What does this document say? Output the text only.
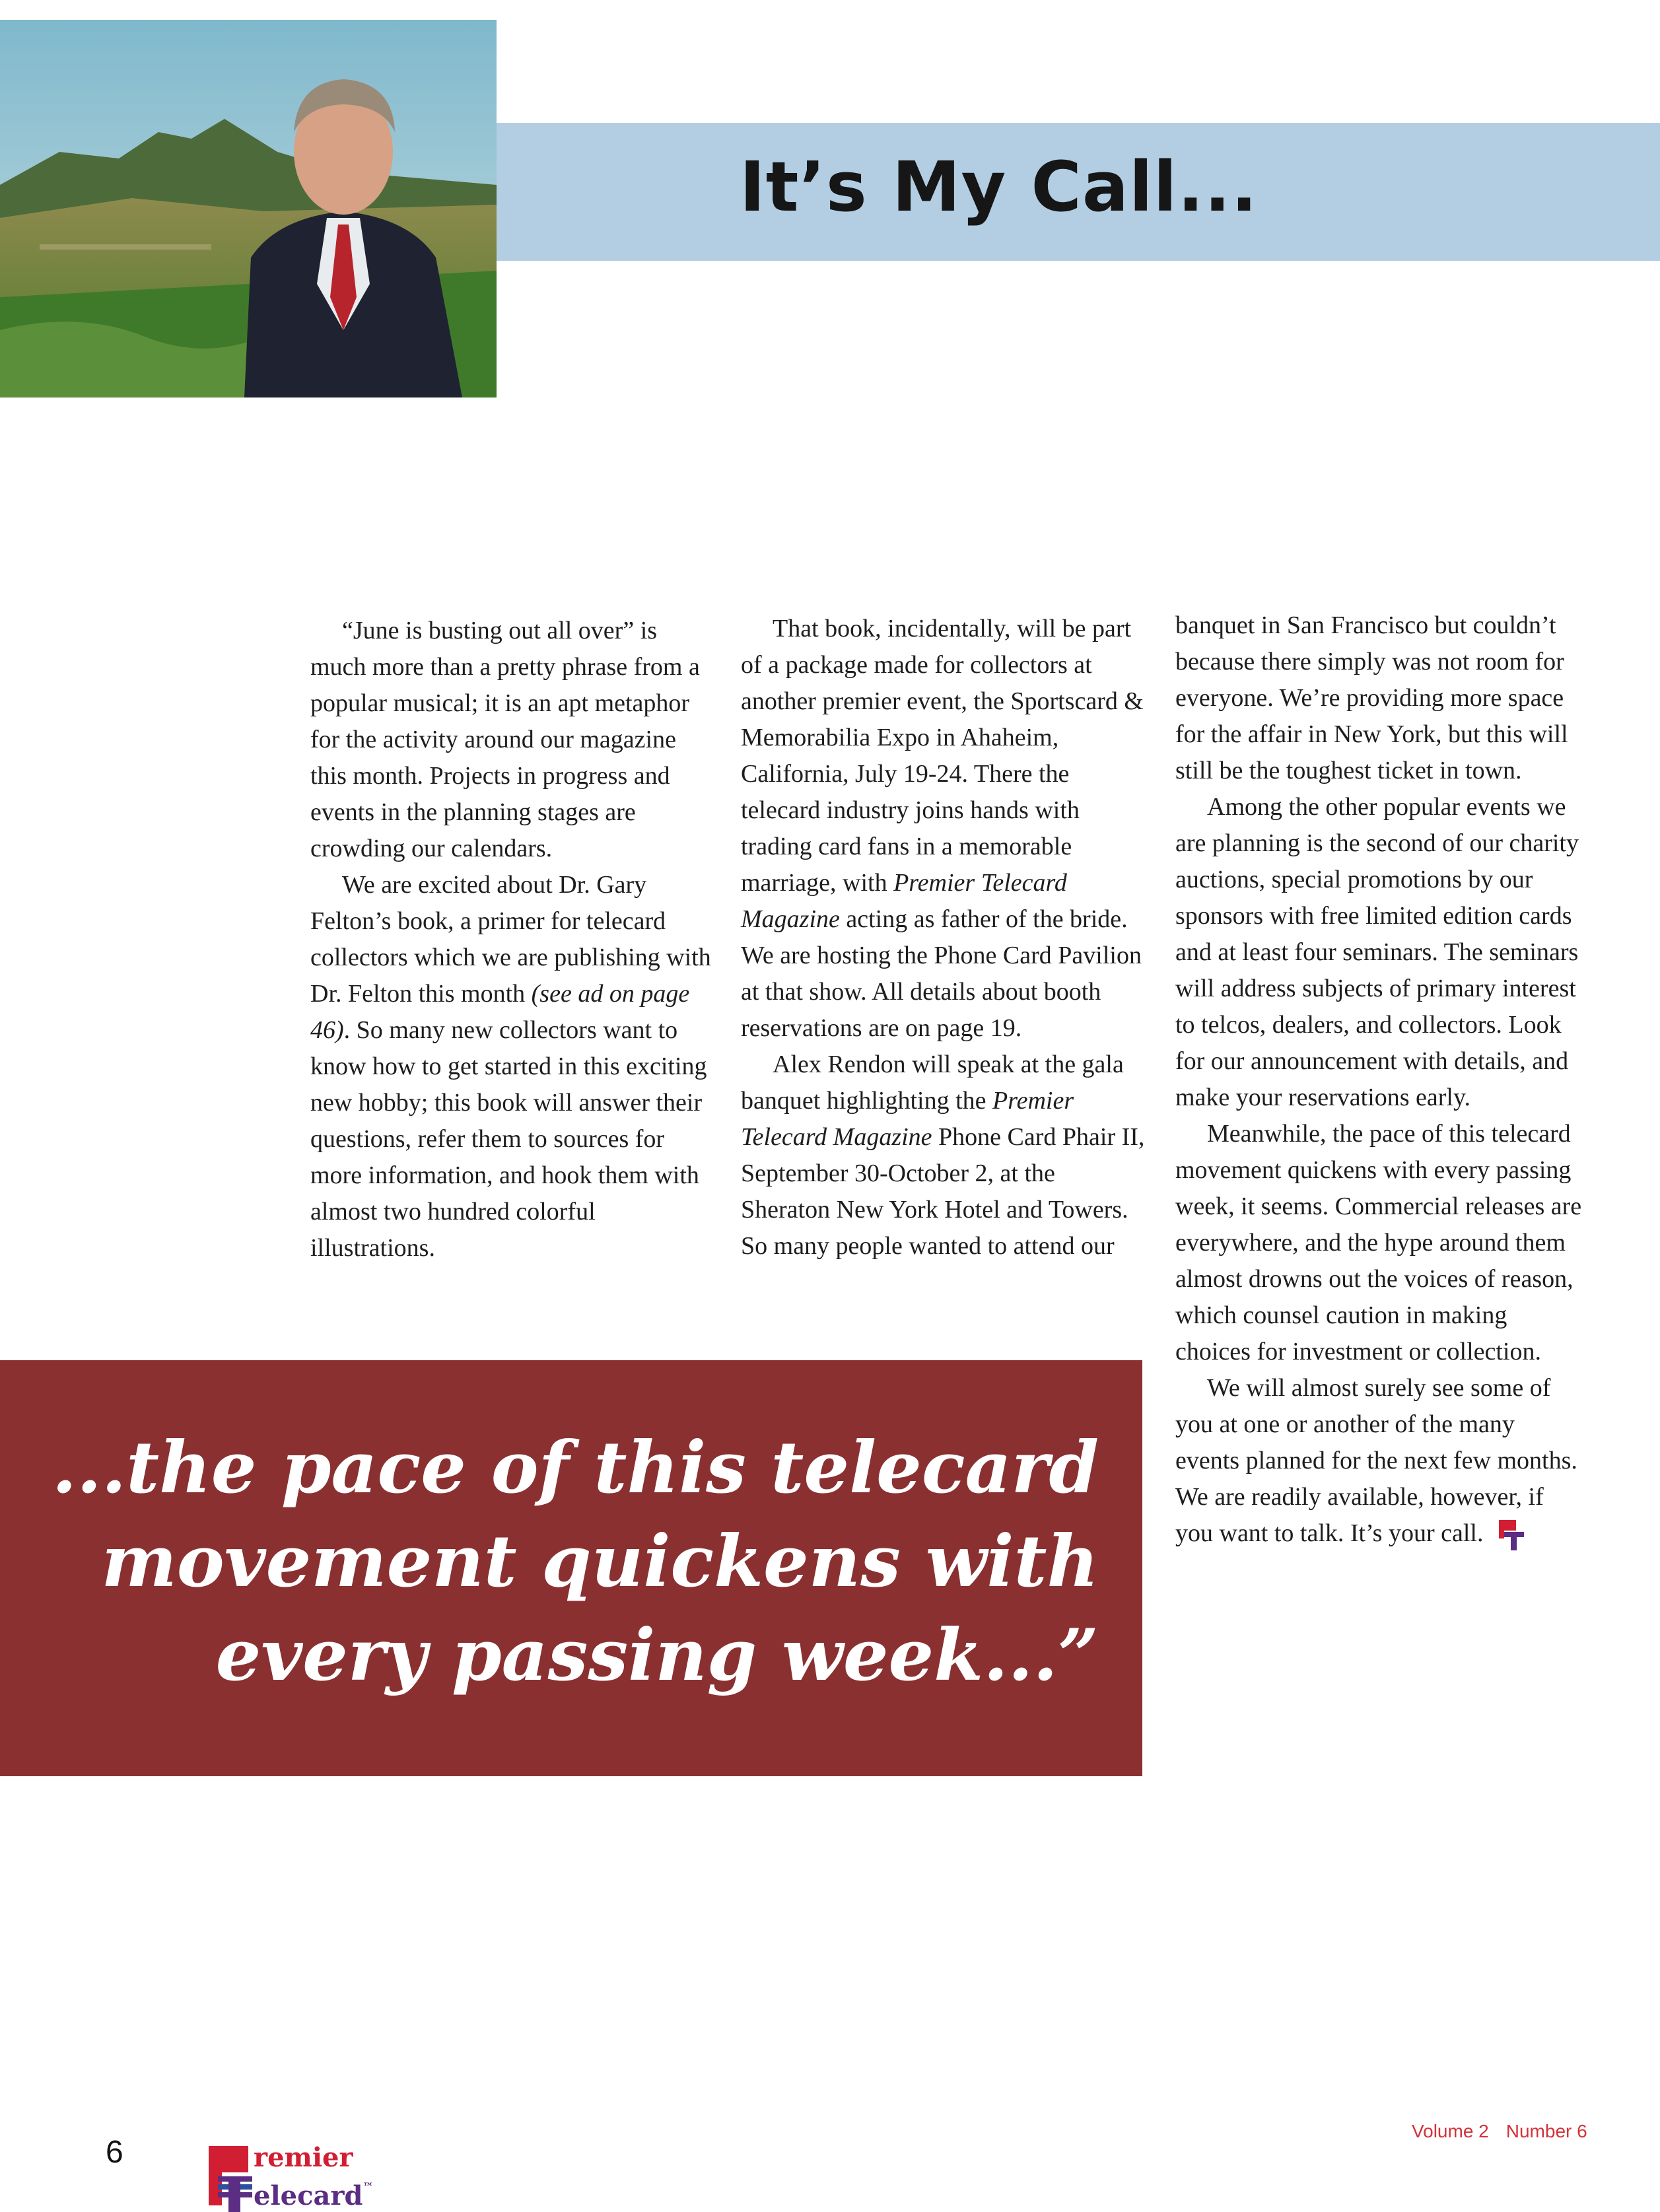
It’s My Call...

“June is busting out all over” is much more than a pretty phrase from a popular musical; it is an apt metaphor for the activity around our magazine this month. Projects in progress and events in the planning stages are crowding our calendars.

We are excited about Dr. Gary Felton’s book, a primer for telecard collectors which we are publishing with Dr. Felton this month (see ad on page 46). So many new collectors want to know how to get started in this exciting new hobby; this book will answer their questions, refer them to sources for more information, and hook them with almost two hundred colorful illustrations.

That book, incidentally, will be part of a package made for collectors at another premier event, the Sportscard & Memorabilia Expo in Ahaheim, California, July 19-24. There the telecard industry joins hands with trading card fans in a memorable marriage, with Premier Telecard Magazine acting as father of the bride. We are hosting the Phone Card Pavilion at that show. All details about booth reservations are on page 19.

Alex Rendon will speak at the gala banquet highlighting the Premier Telecard Magazine Phone Card Phair II, September 30-October 2, at the Sheraton New York Hotel and Towers. So many people wanted to attend our

banquet in San Francisco but couldn’t because there simply was not room for everyone. We’re providing more space for the affair in New York, but this will still be the toughest ticket in town.

Among the other popular events we are planning is the second of our charity auctions, special promotions by our sponsors with free limited edition cards and at least four seminars. The seminars will address subjects of primary interest to telcos, dealers, and collectors. Look for our announcement with details, and make your reservations early.

Meanwhile, the pace of this telecard movement quickens with every passing week, it seems. Commercial releases are everywhere, and the hype around them almost drowns out the voices of reason, which counsel caution in making choices for investment or collection.

We will almost surely see some of you at one or another of the many events planned for the next few months. We are readily available, however, if you want to talk. It’s your call.

...the pace of this telecard
movement quickens with
every passing week...”
6	remier
elecard™
Volume 2 Number 6
